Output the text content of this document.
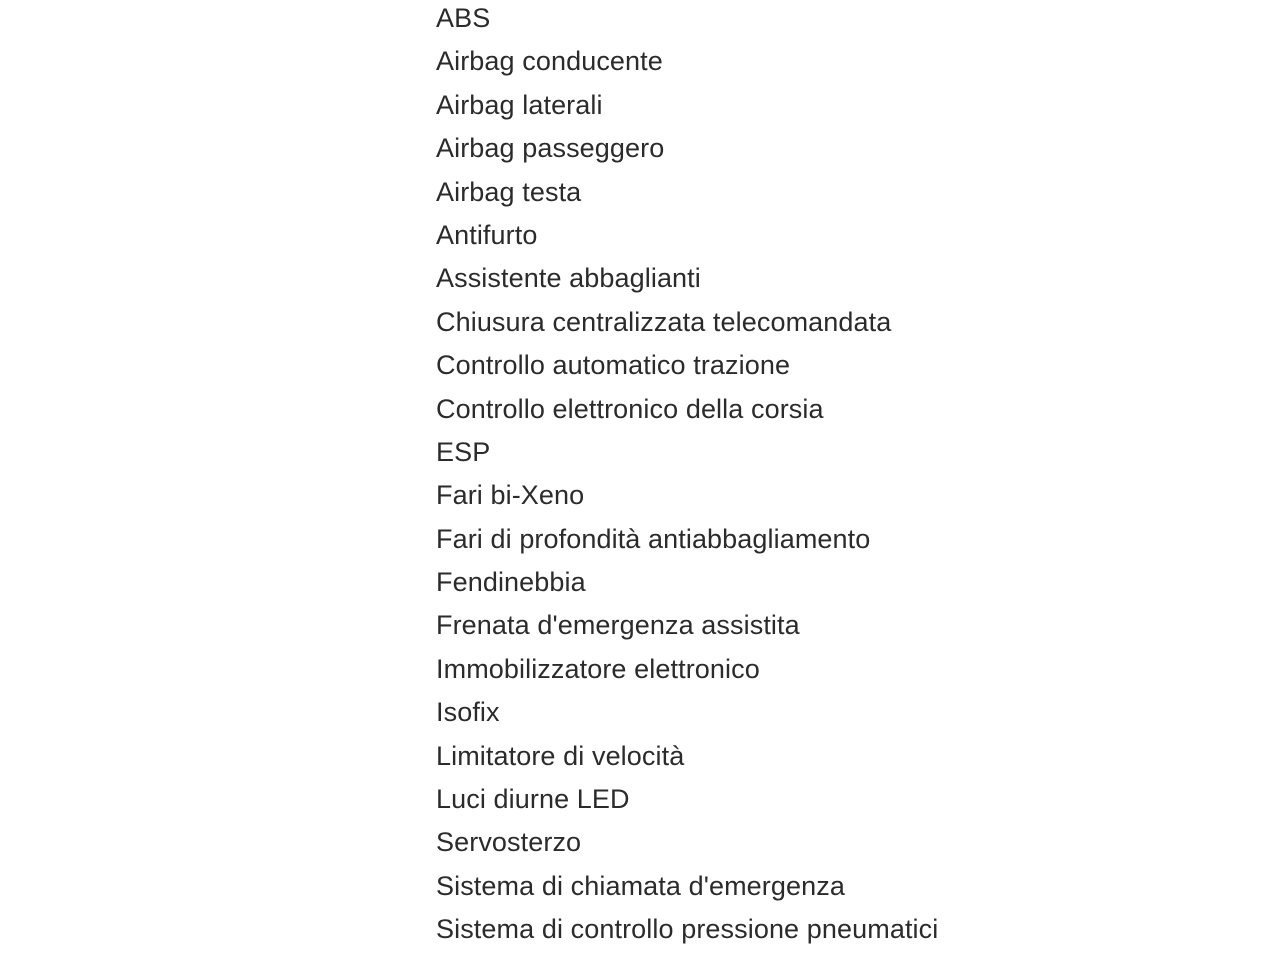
ABS
Airbag conducente
Airbag laterali
Airbag passeggero
Airbag testa
Antifurto
Assistente abbaglianti
Chiusura centralizzata telecomandata
Controllo automatico trazione
Controllo elettronico della corsia
ESP
Fari bi-Xeno
Fari di profondità antiabbagliamento
Fendinebbia
Frenata d'emergenza assistita
Immobilizzatore elettronico
Isofix
Limitatore di velocità
Luci diurne LED
Servosterzo
Sistema di chiamata d'emergenza
Sistema di controllo pressione pneumatici
